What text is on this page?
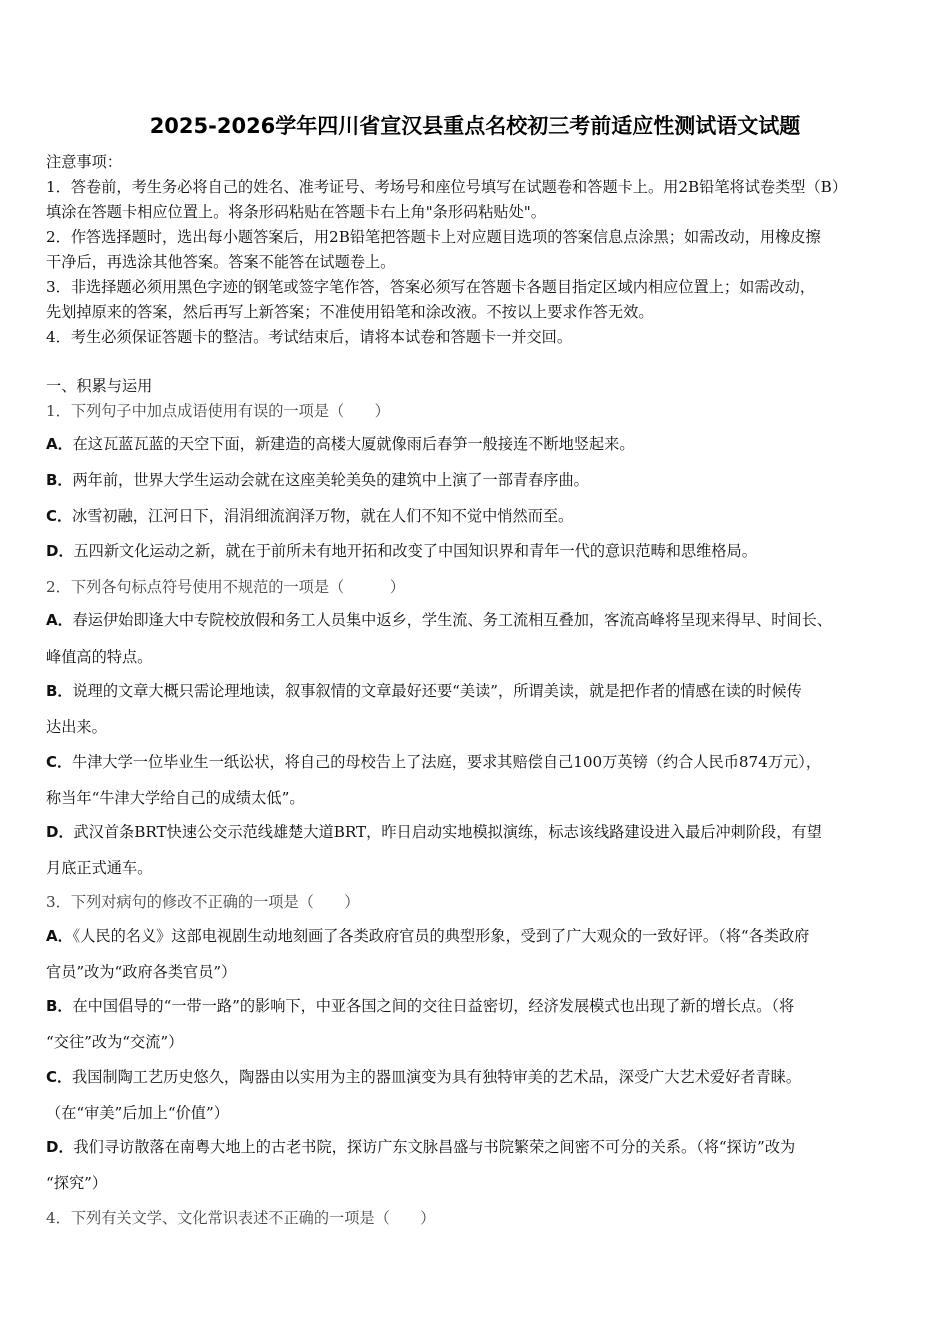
2025-2026学年四川省宣汉县重点名校初三考前适应性测试语文试题
注意事项：
1．答卷前，考生务必将自己的姓名、准考证号、考场号和座位号填写在试题卷和答题卡上。用2B铅笔将试卷类型（B）
填涂在答题卡相应位置上。将条形码粘贴在答题卡右上角"条形码粘贴处"。
2．作答选择题时，选出每小题答案后，用2B铅笔把答题卡上对应题目选项的答案信息点涂黑；如需改动，用橡皮擦
干净后，再选涂其他答案。答案不能答在试题卷上。
3．非选择题必须用黑色字迹的钢笔或签字笔作答，答案必须写在答题卡各题目指定区域内相应位置上；如需改动，
先划掉原来的答案，然后再写上新答案；不准使用铅笔和涂改液。不按以上要求作答无效。
4．考生必须保证答题卡的整洁。考试结束后，请将本试卷和答题卡一并交回。
一、积累与运用
1．下列句子中加点成语使用有误的一项是（　　）
A．在这瓦蓝瓦蓝的天空下面，新建造的高楼大厦就像雨后春笋一般接连不断地竖起来。
B．两年前，世界大学生运动会就在这座美轮美奂的建筑中上演了一部青春序曲。
C．冰雪初融，江河日下，涓涓细流润泽万物，就在人们不知不觉中悄然而至。
D．五四新文化运动之新，就在于前所未有地开拓和改变了中国知识界和青年一代的意识范畴和思维格局。
2．下列各句标点符号使用不规范的一项是（　　　）
A．春运伊始即逢大中专院校放假和务工人员集中返乡，学生流、务工流相互叠加，客流高峰将呈现来得早、时间长、
峰值高的特点。
B．说理的文章大概只需论理地读，叙事叙情的文章最好还要“美读”，所谓美读，就是把作者的情感在读的时候传
达出来。
C．牛津大学一位毕业生一纸讼状，将自己的母校告上了法庭，要求其赔偿自己100万英镑（约合人民币874万元），
称当年“牛津大学给自己的成绩太低”。
D．武汉首条BRT快速公交示范线雄楚大道BRT，昨日启动实地模拟演练，标志该线路建设进入最后冲刺阶段，有望
月底正式通车。
3．下列对病句的修改不正确的一项是（　　）
A．《人民的名义》这部电视剧生动地刻画了各类政府官员的典型形象，受到了广大观众的一致好评。（将“各类政府
官员”改为“政府各类官员”）
B．在中国倡导的“一带一路”的影响下，中亚各国之间的交往日益密切，经济发展模式也出现了新的增长点。（将
“交往”改为“交流”）
C．我国制陶工艺历史悠久，陶器由以实用为主的器皿演变为具有独特审美的艺术品，深受广大艺术爱好者青睐。
（在“审美”后加上“价值”）
D．我们寻访散落在南粤大地上的古老书院，探访广东文脉昌盛与书院繁荣之间密不可分的关系。（将“探访”改为
“探究”）
4．下列有关文学、文化常识表述不正确的一项是（　　）
